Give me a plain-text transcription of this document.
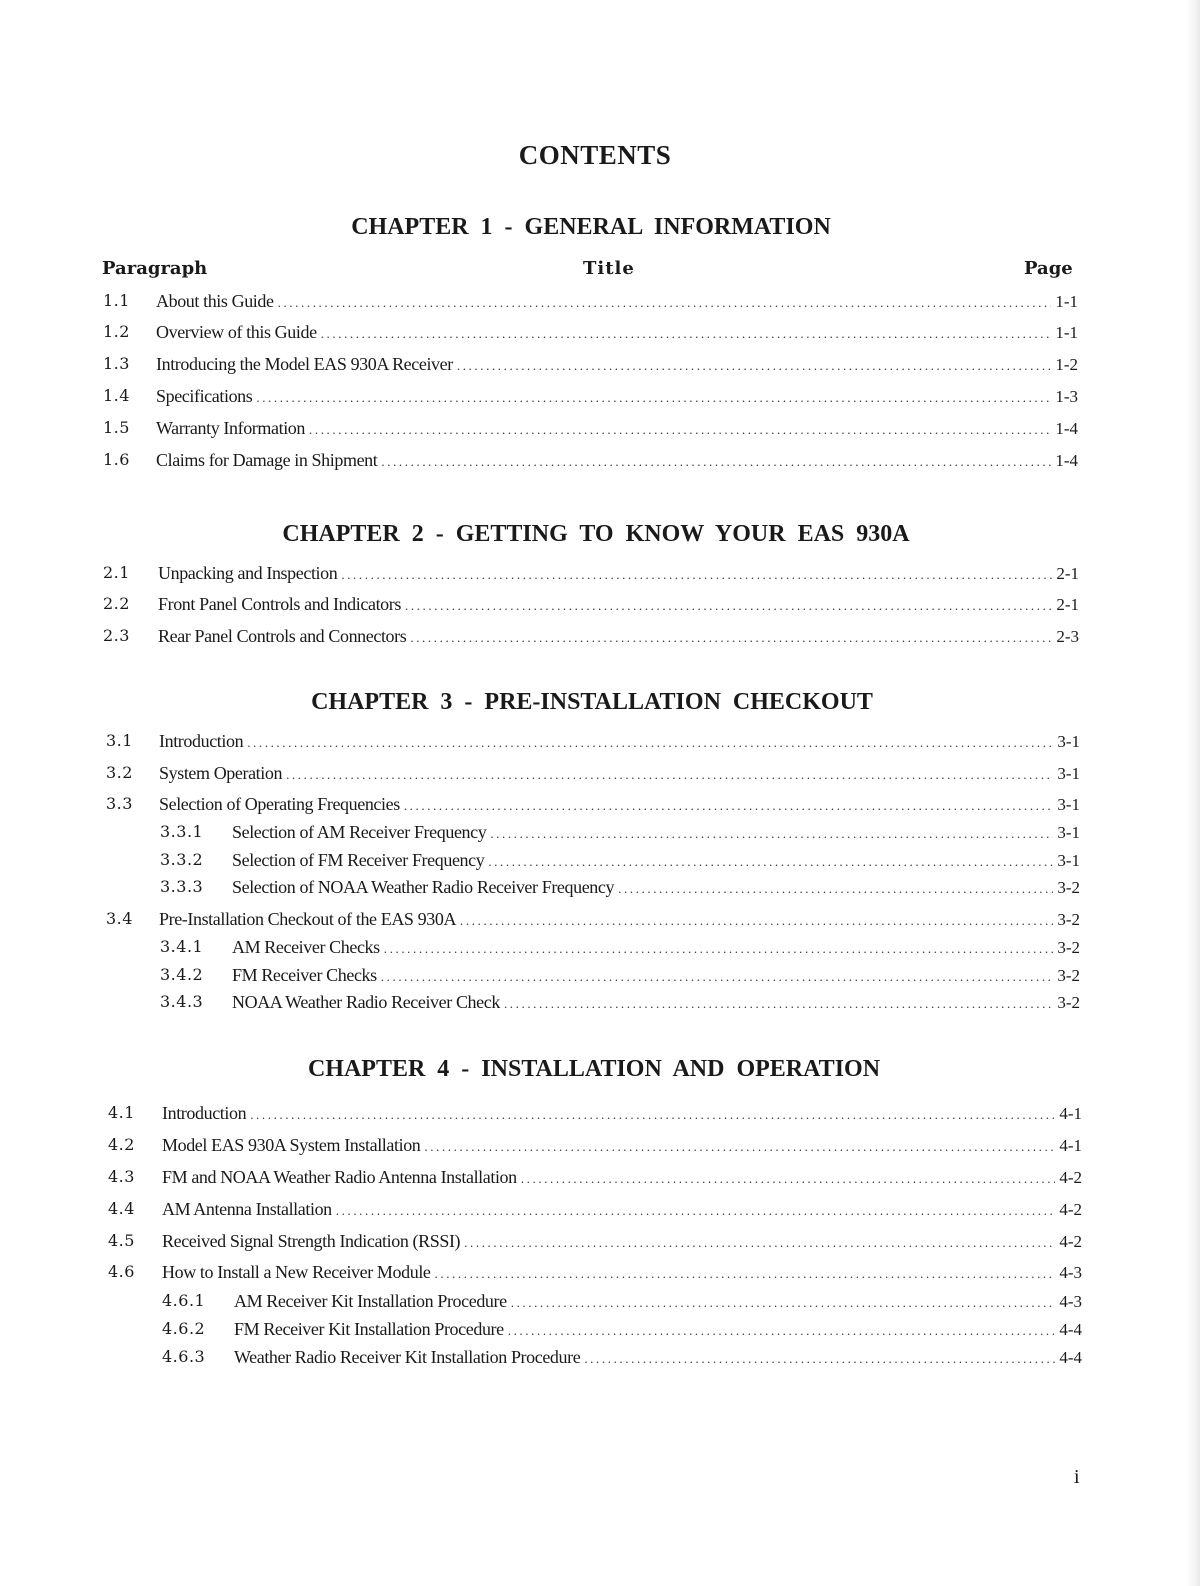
CONTENTS
Paragraph	Title	Page
1.1 About this Guide .....	1-1
1.2 Overview of this Guide .....	1-1
1.3 Introducing the Model EAS 930A Receiver .....	1-2
1.4 Specifications .....	1-3
1.5 Warranty Information .....	1-4
1.6 Claims for Damage in Shipment .....	1-4
2.1 Unpacking and Inspection .....	2-1
2.2 Front Panel Controls and Indicators .....	2-1
2.3 Rear Panel Controls and Connectors .....	2-3
3.1 Introduction .....	3-1
3.2 System Operation .....	3-1
3.3 Selection of Operating Frequencies .....	3-1
3.3.1 Selection of AM Receiver Frequency .....	3-1
3.3.2 Selection of FM Receiver Frequency .....	3-1
3.3.3 Selection of NOAA Weather Radio Receiver Frequency .....	3-2
3.4 Pre-Installation Checkout of the EAS 930A .....	3-2
3.4.1 AM Receiver Checks .....	3-2
3.4.2 FM Receiver Checks .....	3-2
3.4.3 NOAA Weather Radio Receiver Check .....	3-2
4.1 Introduction .....	4-1
4.2 Model EAS 930A System Installation .....	4-1
4.3 FM and NOAA Weather Radio Antenna Installation .....	4-2
4.4 AM Antenna Installation .....	4-2
4.5 Received Signal Strength Indication (RSSI) .....	4-2
4.6 How to Install a New Receiver Module .....	4-3
4.6.1 AM Receiver Kit Installation Procedure .....	4-3
4.6.2 FM Receiver Kit Installation Procedure .....	4-4
4.6.3 Weather Radio Receiver Kit Installation Procedure .....	4-4
i
CHAPTER 1 - GENERAL INFORMATION
CHAPTER 2 - GETTING TO KNOW YOUR EAS 930A
CHAPTER 3 - PRE-INSTALLATION CHECKOUT
CHAPTER 4 - INSTALLATION AND OPERATION
